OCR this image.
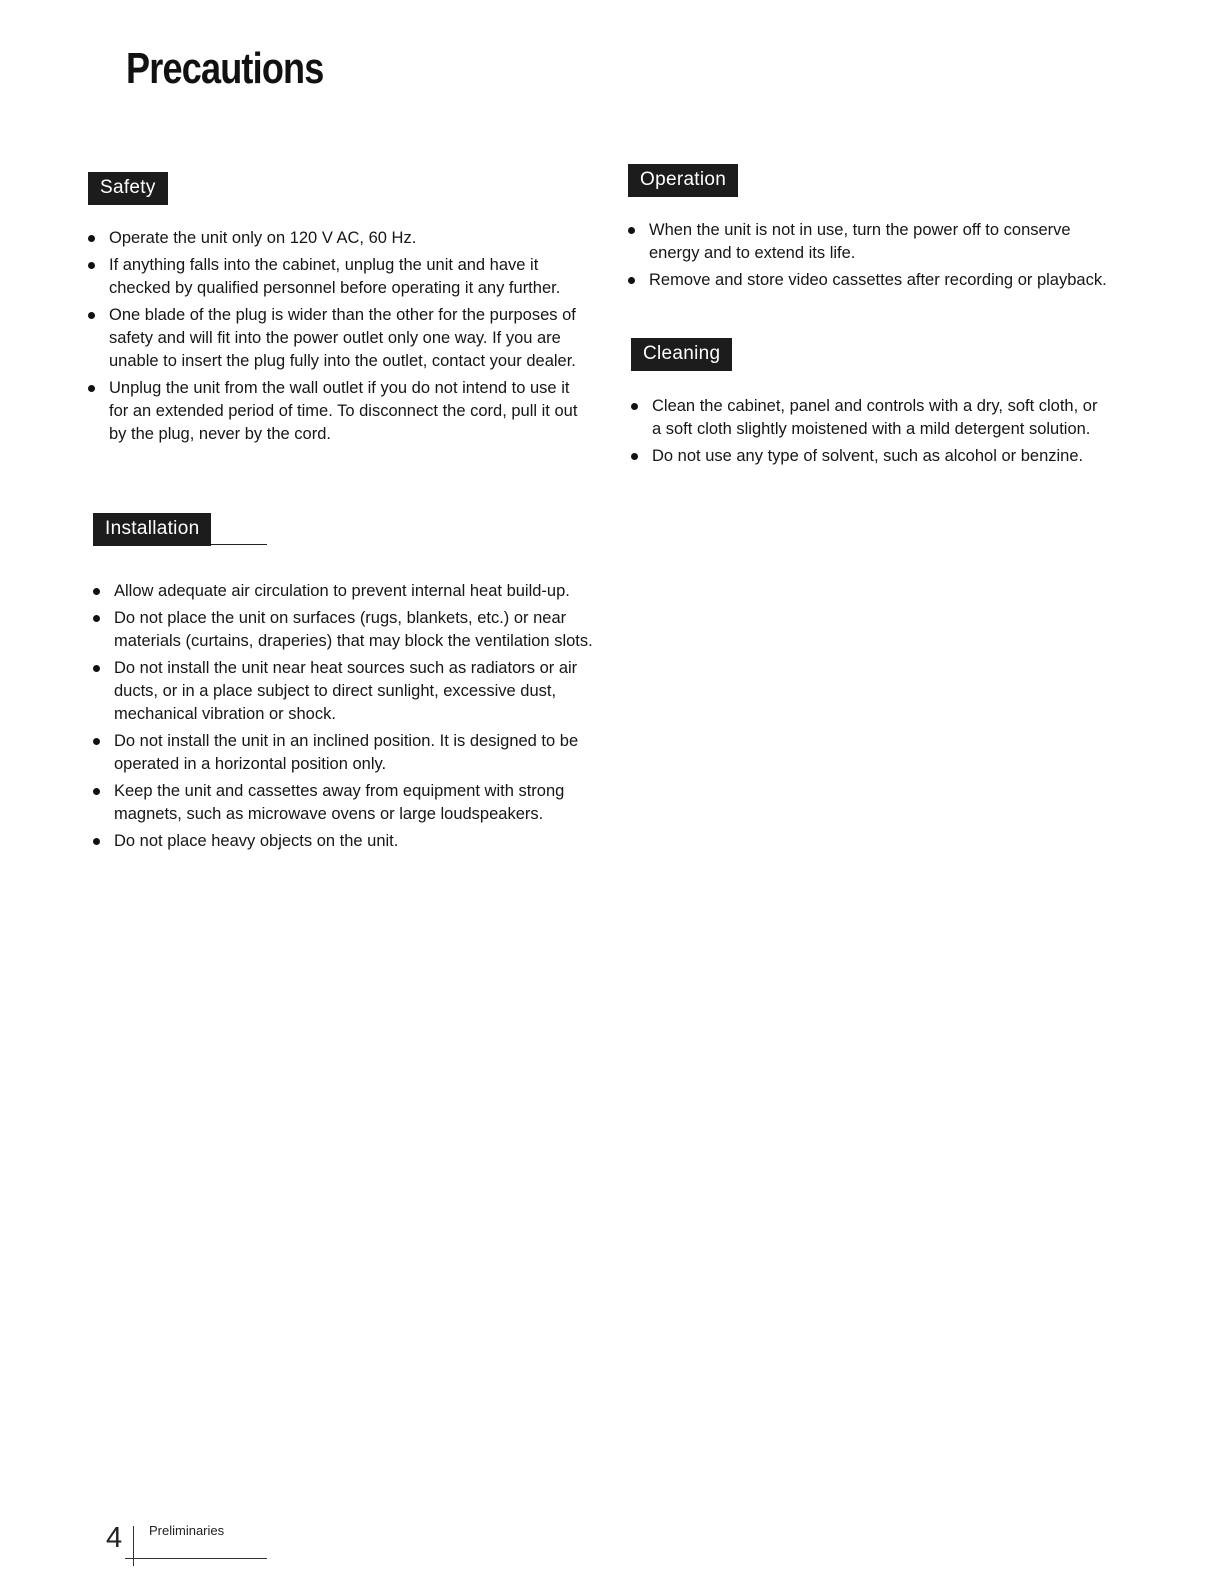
Precautions
Safety
Operate the unit only on 120 V AC, 60 Hz.
If anything falls into the cabinet, unplug the unit and have it checked by qualified personnel before operating it any further.
One blade of the plug is wider than the other for the purposes of safety and will fit into the power outlet only one way. If you are unable to insert the plug fully into the outlet, contact your dealer.
Unplug the unit from the wall outlet if you do not intend to use it for an extended period of time. To disconnect the cord, pull it out by the plug, never by the cord.
Installation
Allow adequate air circulation to prevent internal heat build-up.
Do not place the unit on surfaces (rugs, blankets, etc.) or near materials (curtains, draperies) that may block the ventilation slots.
Do not install the unit near heat sources such as radiators or air ducts, or in a place subject to direct sunlight, excessive dust, mechanical vibration or shock.
Do not install the unit in an inclined position. It is designed to be operated in a horizontal position only.
Keep the unit and cassettes away from equipment with strong magnets, such as microwave ovens or large loudspeakers.
Do not place heavy objects on the unit.
Operation
When the unit is not in use, turn the power off to conserve energy and to extend its life.
Remove and store video cassettes after recording or playback.
Cleaning
Clean the cabinet, panel and controls with a dry, soft cloth, or a soft cloth slightly moistened with a mild detergent solution.
Do not use any type of solvent, such as alcohol or benzine.
4 Preliminaries
